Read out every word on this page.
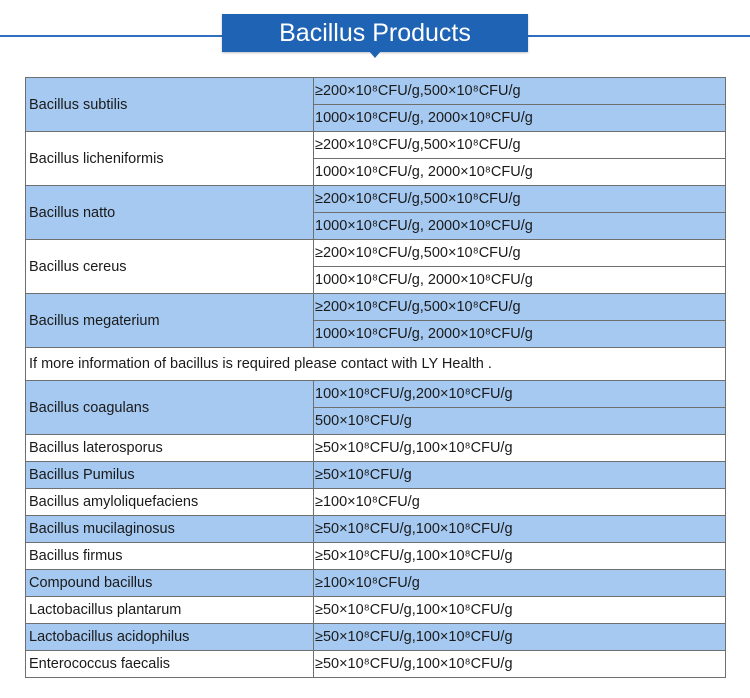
Bacillus Products
Bacillus subtilis	≥200×10⁸CFU/g,500×10⁸CFU/g
	1000×10⁸CFU/g, 2000×10⁸CFU/g
Bacillus licheniformis	≥200×10⁸CFU/g,500×10⁸CFU/g
	1000×10⁸CFU/g, 2000×10⁸CFU/g
Bacillus natto	≥200×10⁸CFU/g,500×10⁸CFU/g
	1000×10⁸CFU/g, 2000×10⁸CFU/g
Bacillus cereus	≥200×10⁸CFU/g,500×10⁸CFU/g
	1000×10⁸CFU/g, 2000×10⁸CFU/g
Bacillus megaterium	≥200×10⁸CFU/g,500×10⁸CFU/g
	1000×10⁸CFU/g, 2000×10⁸CFU/g
If more information of bacillus is required please contact with LY Health .	
Bacillus coagulans	100×10⁸CFU/g,200×10⁸CFU/g
	500×10⁸CFU/g
Bacillus laterosporus	≥50×10⁸CFU/g,100×10⁸CFU/g
Bacillus Pumilus	≥50×10⁸CFU/g
Bacillus amyloliquefaciens	≥100×10⁸CFU/g
Bacillus mucilaginosus	≥50×10⁸CFU/g,100×10⁸CFU/g
Bacillus firmus	≥50×10⁸CFU/g,100×10⁸CFU/g
Compound bacillus	≥100×10⁸CFU/g
Lactobacillus plantarum	≥50×10⁸CFU/g,100×10⁸CFU/g
Lactobacillus acidophilus	≥50×10⁸CFU/g,100×10⁸CFU/g
Enterococcus faecalis	≥50×10⁸CFU/g,100×10⁸CFU/g
